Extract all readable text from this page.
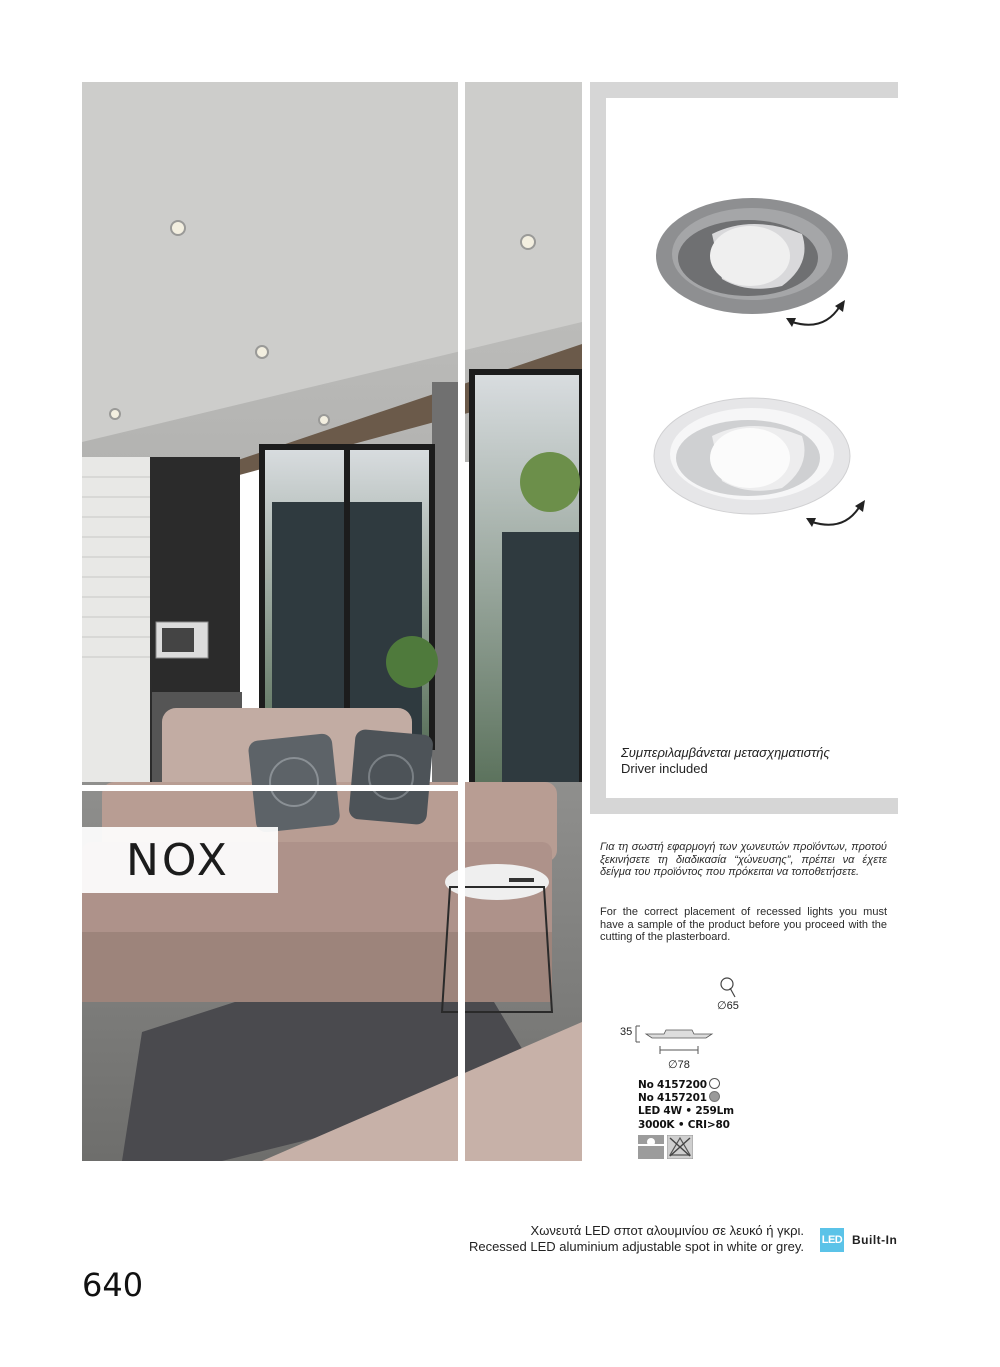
NOX
Συμπεριλαμβάνεται μετασχηματιστής
Driver included
Για τη σωστή εφαρμογή των χωνευτών προϊόντων, προτού ξεκινήσετε τη διαδικασία “χώνευσης”, πρέπει να έχετε δείγμα του προϊόντος που πρόκειται να τοποθετήσετε.
For the correct placement of recessed lights you must have a sample of the product before you proceed with the cutting of the plasterboard.
∅65
35
∅78
No 4157200
No 4157201
LED 4W • 259Lm
3000K • CRI>80
Χωνευτά LED σποτ αλουμινίου σε λευκό ή γκρι.
Recessed LED aluminium adjustable spot in white or grey. LED Built-In
640
